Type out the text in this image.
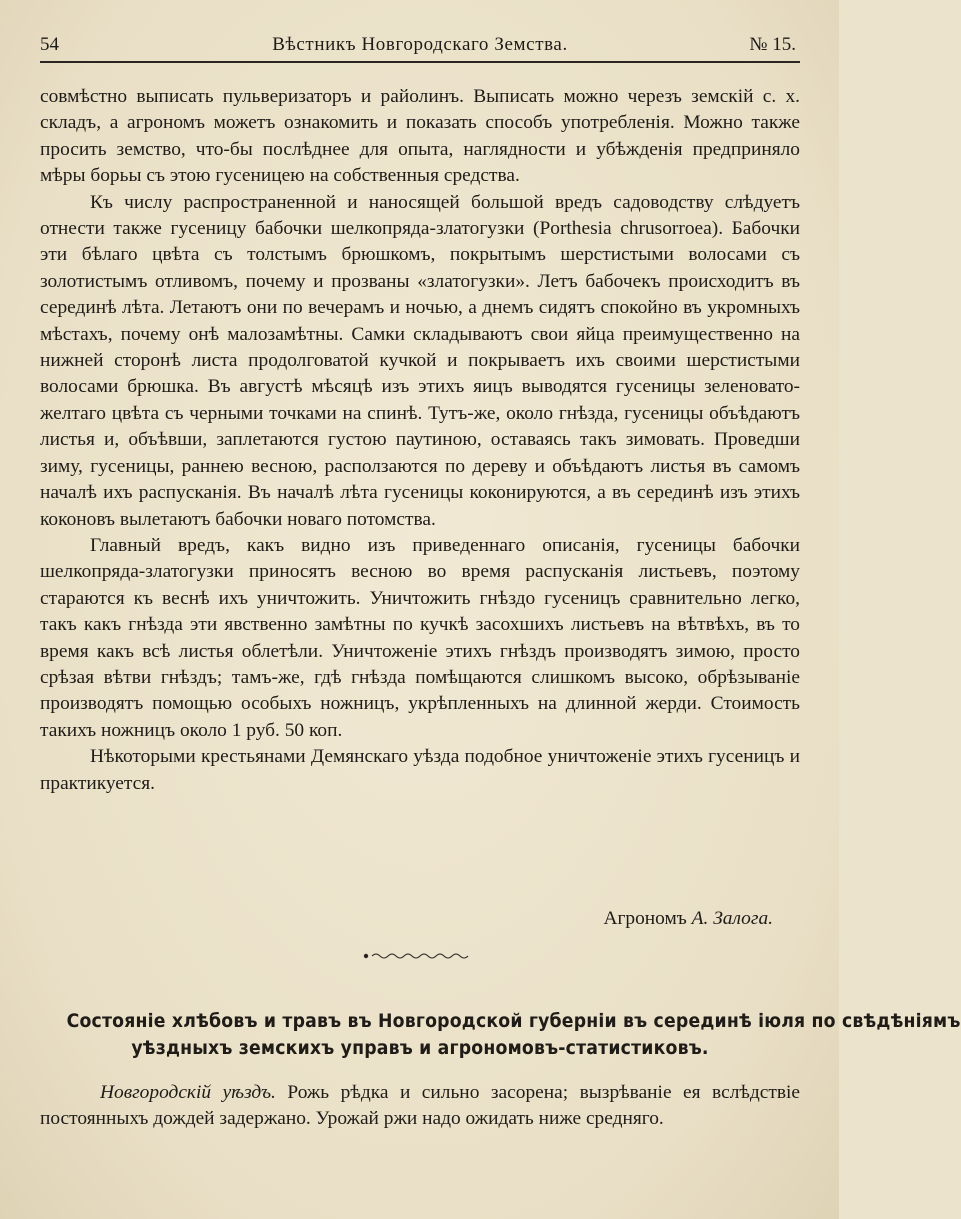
Вѣстникъ Новгородскаго Земства.
54	№ 15.

совмѣстно выписать пульверизаторъ и райолинъ. Выписать можно черезъ земскій с. х. складъ, а агрономъ можетъ ознакомить и показать способъ употребленія. Можно также просить земство, что-бы послѣднее для опыта, наглядности и убѣжденія предприняло мѣры борьы съ этою гусеницею на собственныя средства.

Къ числу распространенной и наносящей большой вредъ садоводству слѣдуетъ отнести также гусеницу бабочки шелкопряда-златогузки (Porthesia chrusorroea). Бабочки эти бѣлаго цвѣта съ толстымъ брюшкомъ, покрытымъ шерстистыми волосами съ золотистымъ отливомъ, почему и прозваны «златогузки». Летъ бабочекъ происходитъ въ серединѣ лѣта. Летаютъ они по вечерамъ и ночью, а днемъ сидятъ спокойно въ укромныхъ мѣстахъ, почему онѣ малозамѣтны. Самки складываютъ свои яйца преимущественно на нижней сторонѣ листа продолговатой кучкой и покрываетъ ихъ своими шерстистыми волосами брюшка. Въ августѣ мѣсяцѣ изъ этихъ яицъ выводятся гусеницы зеленовато-желтаго цвѣта съ черными точками на спинѣ. Тутъ-же, около гнѣзда, гусеницы объѣдаютъ листья и, объѣвши, заплетаются густою паутиною, оставаясь такъ зимовать. Проведши зиму, гусеницы, раннею весною, расползаются по дереву и объѣдаютъ листья въ самомъ началѣ ихъ распусканія. Въ началѣ лѣта гусеницы коконируются, а въ серединѣ изъ этихъ коконовъ вылетаютъ бабочки новаго потомства.

Главный вредъ, какъ видно изъ приведеннаго описанія, гусеницы бабочки шелкопряда-златогузки приносятъ весною во время распусканія листьевъ, поэтому стараются къ веснѣ ихъ уничтожить. Уничтожить гнѣздо гусеницъ сравнительно легко, такъ какъ гнѣзда эти явственно замѣтны по кучкѣ засохшихъ листьевъ на вѣтвѣхъ, въ то время какъ всѣ листья облетѣли. Уничтоженіе этихъ гнѣздъ производятъ зимою, просто срѣзая вѣтви гнѣздъ; тамъ-же, гдѣ гнѣзда помѣщаются слишкомъ высоко, обрѣзываніе производятъ помощью особыхъ ножницъ, укрѣпленныхъ на длинной жерди. Стоимость такихъ ножницъ около 1 руб. 50 коп.

Нѣкоторыми крестьянами Демянскаго уѣзда подобное уничтоженіе этихъ гусеницъ и практикуется.

Агрономъ А. Залога.
Состояніе хлѣбовъ и травъ въ Новгородской губерніи въ серединѣ іюля по свѣдѣніямъ
уѣздныхъ земскихъ управъ и агрономовъ-статистиковъ.

Новгородскій уѣздъ. Рожь рѣдка и сильно засорена; вызрѣваніе ея вслѣдствіе постоянныхъ дождей задержано. Урожай ржи надо ожидать ниже средняго.
